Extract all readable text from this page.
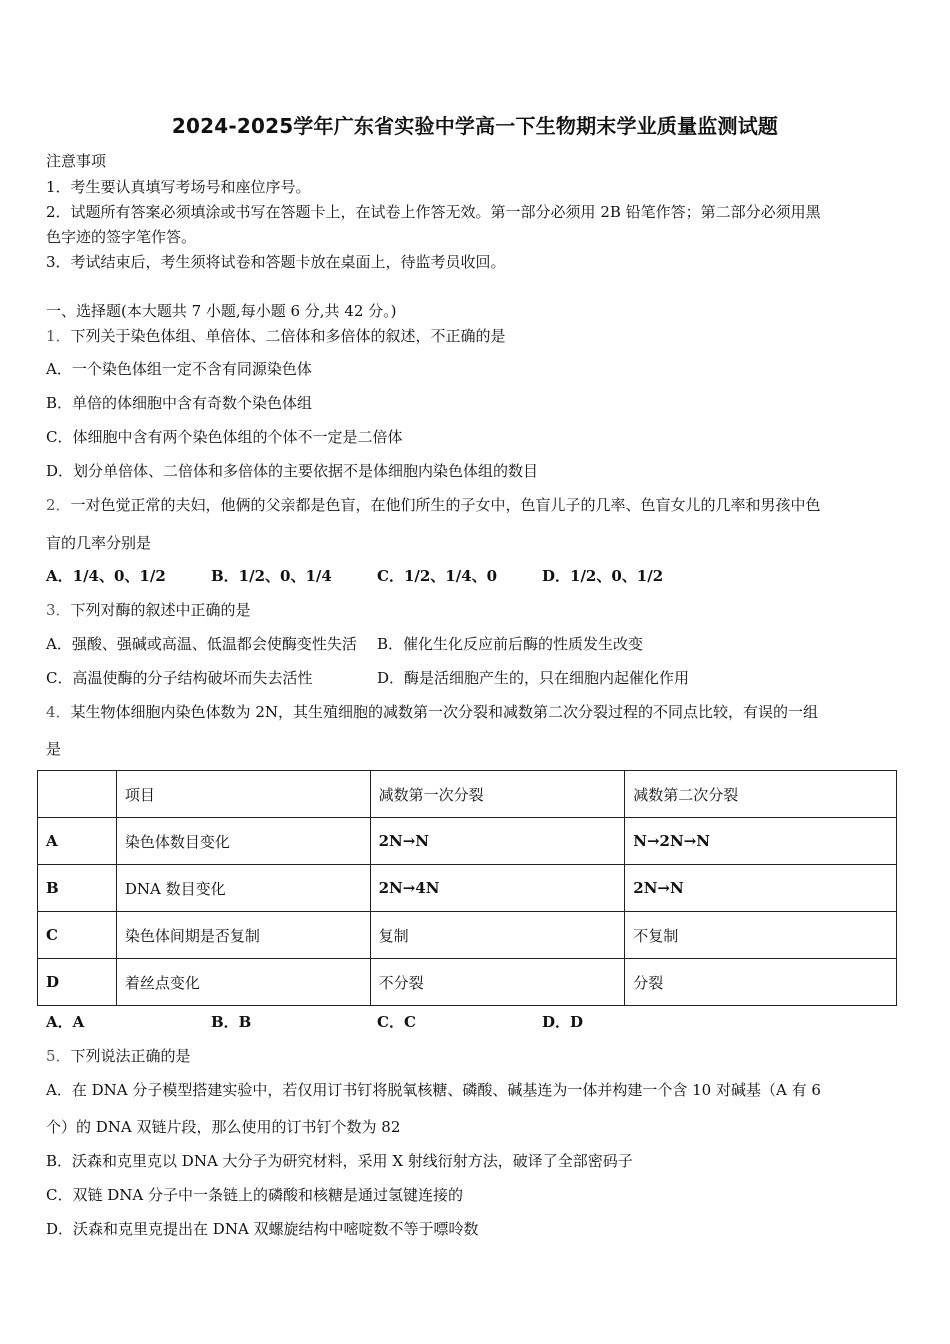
2024-2025学年广东省实验中学高一下生物期末学业质量监测试题
注意事项
1．考生要认真填写考场号和座位序号。
2．试题所有答案必须填涂或书写在答题卡上，在试卷上作答无效。第一部分必须用 2B 铅笔作答；第二部分必须用黑
色字迹的签字笔作答。
3．考试结束后，考生须将试卷和答题卡放在桌面上，待监考员收回。
一、选择题(本大题共 7 小题,每小题 6 分,共 42 分。)
1．下列关于染色体组、单倍体、二倍体和多倍体的叙述，不正确的是
A．一个染色体组一定不含有同源染色体
B．单倍的体细胞中含有奇数个染色体组
C．体细胞中含有两个染色体组的个体不一定是二倍体
D．划分单倍体、二倍体和多倍体的主要依据不是体细胞内染色体组的数目
2．一对色觉正常的夫妇，他俩的父亲都是色盲，在他们所生的子女中，色盲儿子的几率、色盲女儿的几率和男孩中色
盲的几率分别是
A．1/4、0、1/2	B．1/2、0、1/4	C．1/2、1/4、0	D．1/2、0、1/2
3．下列对酶的叙述中正确的是
A．强酸、强碱或高温、低温都会使酶变性失活 B．催化生化反应前后酶的性质发生改变
C．高温使酶的分子结构破坏而失去活性	D．酶是活细胞产生的，只在细胞内起催化作用
4．某生物体细胞内染色体数为 2N，其生殖细胞的减数第一次分裂和减数第二次分裂过程的不同点比较，有误的一组
是
	项目	减数第一次分裂	减数第二次分裂
A	染色体数目变化	2N→N	N→2N→N
B	DNA 数目变化	2N→4N	2N→N
C	染色体间期是否复制	复制	不复制
D	着丝点变化	不分裂	分裂
A．A	B．B	C．C	D．D
5．下列说法正确的是
A．在 DNA 分子模型搭建实验中，若仅用订书钉将脱氧核糖、磷酸、碱基连为一体并构建一个含 10 对碱基（A 有 6
个）的 DNA 双链片段，那么使用的订书钉个数为 82
B．沃森和克里克以 DNA 大分子为研究材料，采用 X 射线衍射方法，破译了全部密码子
C．双链 DNA 分子中一条链上的磷酸和核糖是通过氢键连接的
D．沃森和克里克提出在 DNA 双螺旋结构中嘧啶数不等于嘌呤数
